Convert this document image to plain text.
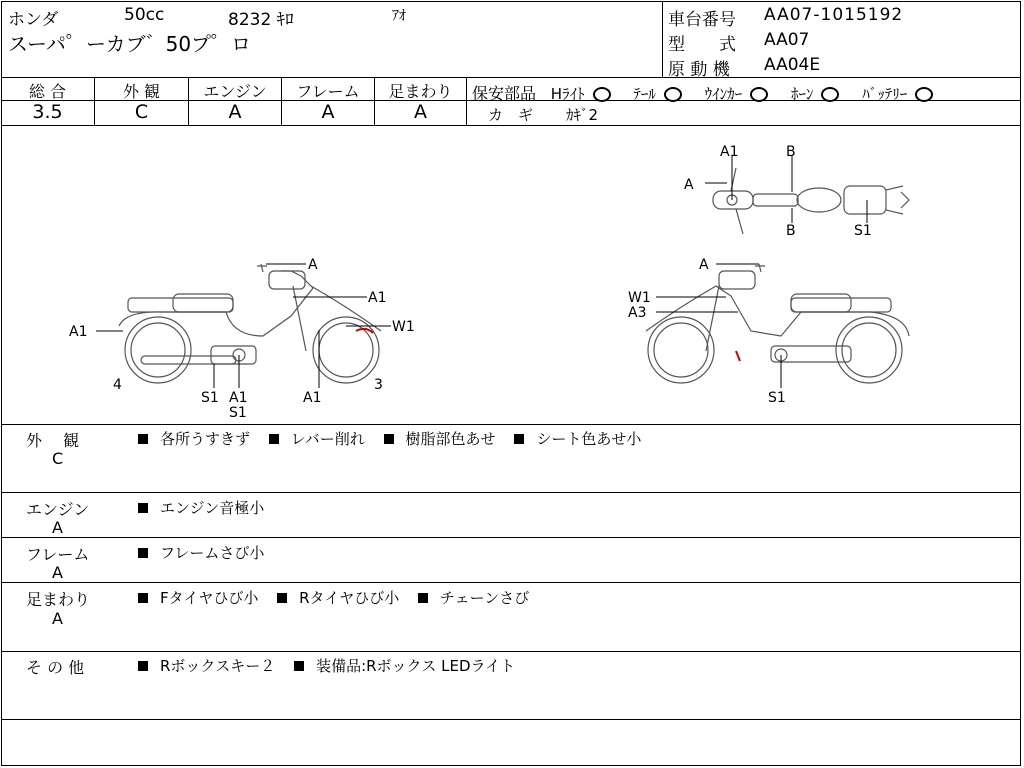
ホンダ	50cc	8232 ｷﾛ	ｱｵ
スーパ゜ーカブ゛50プ゜ロ
車台番号 AA07-1015192
型　　式 AA07
原 動 機 AA04E
総 合	外 観	エンジン	フレーム	足まわり
3.5	C	A	A	A
保安部品 Hﾗｲﾄ	ﾃｰﾙ	ｳｲﾝｶｰ	ﾎｰﾝ	ﾊﾞｯﾃﾘｰ
カ　ギ ｶｷﾞ2
A
A1
A1	W1
4	3
S1 A1
S1
A1
A
W1
A3
S1
A1	B
A
B	S1
外　 観
C
各所うすきず	レバー削れ	樹脂部色あせ	シート色あせ小
エンジン
A
エンジン音極小
フレーム
A
フレームさび小
足まわり
A
Fタイヤひび小	Rタイヤひび小	チェーンさび
そ の 他	Rボックスキー２	装備品:Rボックス LEDライト
